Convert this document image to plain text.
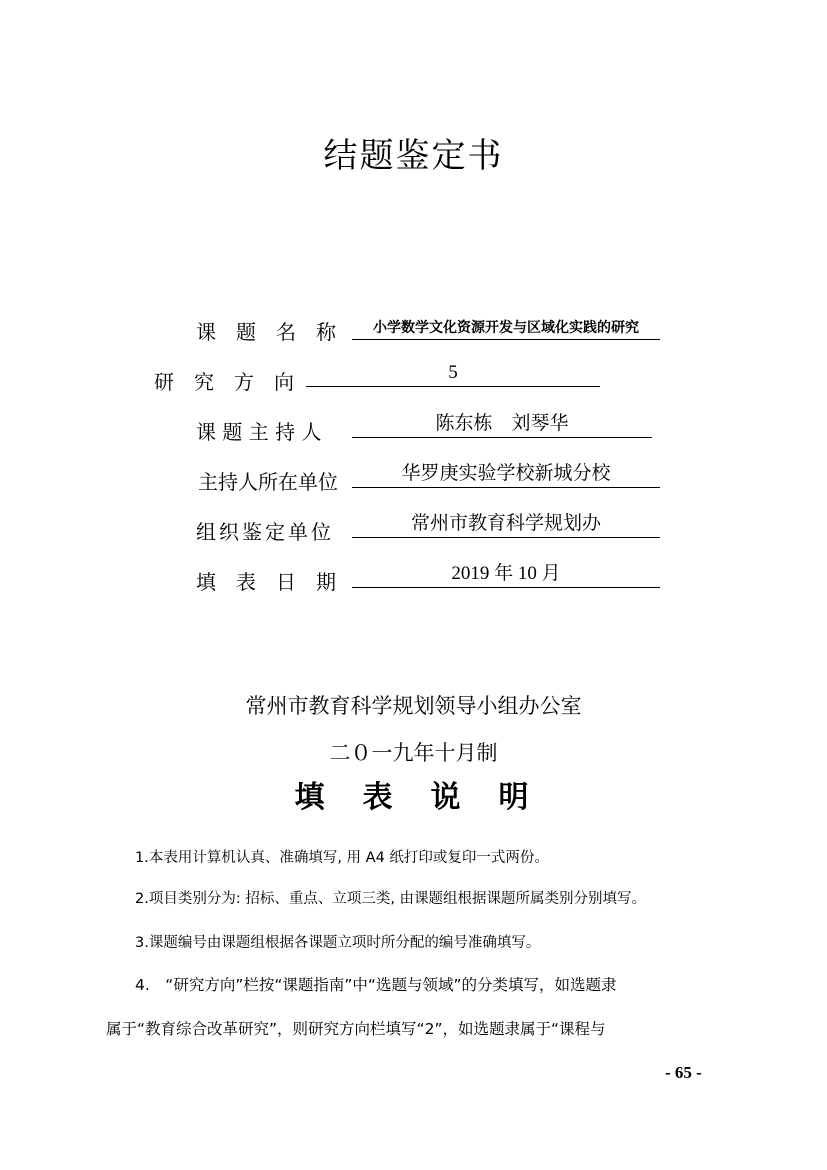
结题鉴定书
课　题　名　称	小学数学文化资源开发与区域化实践的研究
研　究　方　向	5
课 题 主 持 人	陈东栋　刘琴华
主持人所在单位	华罗庚实验学校新城分校
组织鉴定单位	常州市教育科学规划办
填　表　日　期	2019 年 10 月
常州市教育科学规划领导小组办公室
二０一九年十月制
填　表　说　明
1.本表用计算机认真、准确填写, 用 A4 纸打印或复印一式两份。
2.项目类别分为: 招标、重点、立项三类, 由课题组根据课题所属类别分别填写。
3.课题编号由课题组根据各课题立项时所分配的编号准确填写。
4.　“研究方向”栏按“课题指南”中“选题与领域”的分类填写，如选题隶
属于“教育综合改革研究”，则研究方向栏填写“2”，如选题隶属于“课程与
- 65 -
